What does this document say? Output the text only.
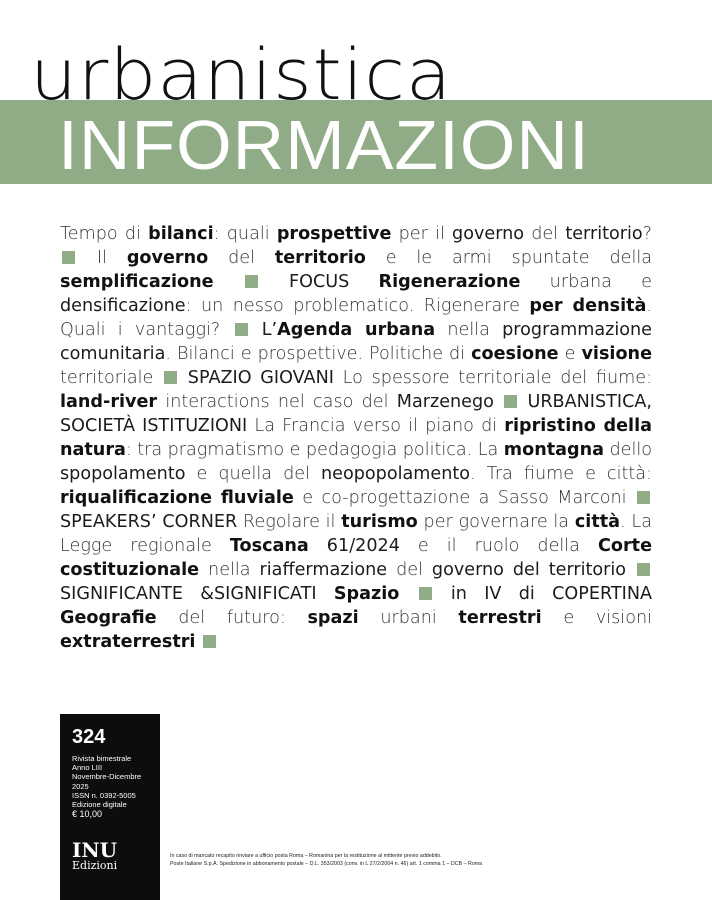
urbanistica
INFORMAZIONI
Tempo di bilanci: quali prospettive per il governo del territorio?  Il governo del territorio e le armi spuntate della semplificazione	FOCUS Rigenerazione urbana e densificazione: un nesso problematico. Rigenerare per densità. Quali i vantaggi? L’Agenda urbana nella programmazione comunitaria. Bilanci e prospettive. Politiche di coesione e visione territoriale SPAZIO GIOVANI Lo spessore territoriale del fiume: land-river interactions nel caso del Marzenego URBANISTICA, SOCIETÀ ISTITUZIONI La Francia verso il piano di ripristino della natura: tra pragmatismo e pedagogia politica. La montagna dello spopolamento e quella del neopopolamento. Tra fiume e città: riqualificazione fluviale e co-progettazione a Sasso Marconi  SPEAKERS’ CORNER Regolare il turismo per governare la città. La Legge regionale Toscana 61/2024 e il ruolo della Corte costituzionale nella riaffermazione del governo del territorio  SIGNIFICANTE &SIGNIFICATI Spazio	in IV di COPERTINA Geografie del futuro: spazi urbani terrestri e visioni extraterrestri
324
Rivista bimestrale
Anno LIII
Novembre-Dicembre
2025
ISSN n. 0392-5005
Edizione digitale
€ 10,00
INU
Edizioni
In caso di mancato recapito rinviare a ufficio posta Roma – Romanina per la restituzione al mittente previo addebito.
Poste Italiane S.p.A. Spedizione in abbonamento postale – D.L. 353/2003 (conv. in L 27/2/2004 n. 46) art. 1 comma 1 – DCB – Roma
